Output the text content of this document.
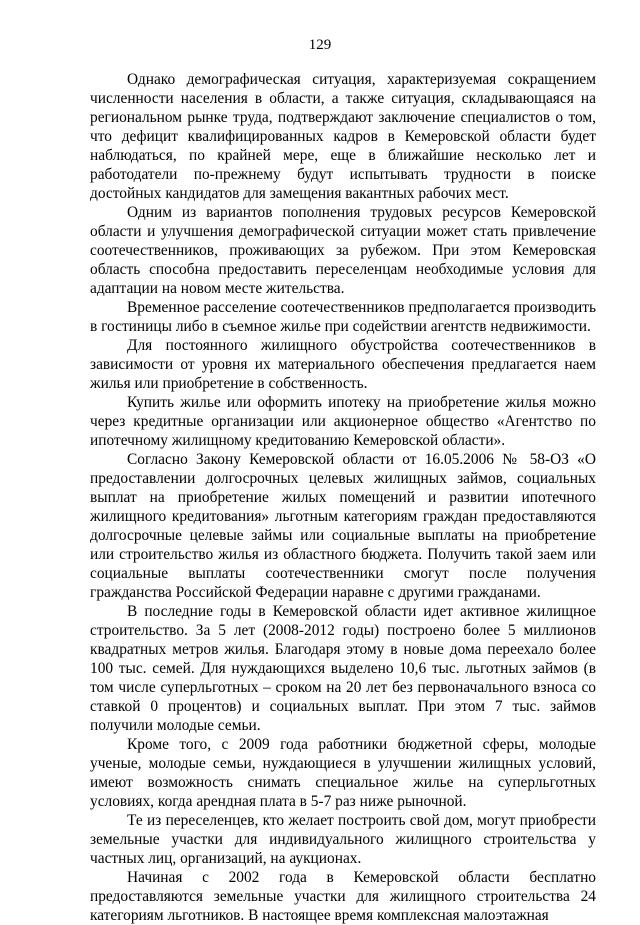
129

Однако демографическая ситуация, характеризуемая сокращением численности населения в области, а также ситуация, складывающаяся на региональном рынке труда, подтверждают заключение специалистов о том, что дефицит квалифицированных кадров в Кемеровской области будет наблюдаться, по крайней мере, еще в ближайшие несколько лет и работодатели по-прежнему будут испытывать трудности в поиске достойных кандидатов для замещения вакантных рабочих мест.

Одним из вариантов пополнения трудовых ресурсов Кемеровской области и улучшения демографической ситуации может стать привлечение соотечественников, проживающих за рубежом. При этом Кемеровская область способна предоставить переселенцам необходимые условия для адаптации на новом месте жительства.

Временное расселение соотечественников предполагается производить в гостиницы либо в съемное жилье при содействии агентств недвижимости.

Для постоянного жилищного обустройства соотечественников в зависимости от уровня их материального обеспечения предлагается наем жилья или приобретение в собственность.

Купить жилье или оформить ипотеку на приобретение жилья можно через кредитные организации или акционерное общество «Агентство по ипотечному жилищному кредитованию Кемеровской области».

Согласно Закону Кемеровской области от 16.05.2006 № 58-ОЗ «О предоставлении долгосрочных целевых жилищных займов, социальных выплат на приобретение жилых помещений и развитии ипотечного жилищного кредитования» льготным категориям граждан предоставляются долгосрочные целевые займы или социальные выплаты на приобретение или строительство жилья из областного бюджета. Получить такой заем или социальные выплаты соотечественники смогут после получения гражданства Российской Федерации наравне с другими гражданами.

В последние годы в Кемеровской области идет активное жилищное строительство. За 5 лет (2008-2012 годы) построено более 5 миллионов квадратных метров жилья. Благодаря этому в новые дома переехало более 100 тыс. семей. Для нуждающихся выделено 10,6 тыс. льготных займов (в том числе суперльготных – сроком на 20 лет без первоначального взноса со ставкой 0 процентов) и социальных выплат. При этом 7 тыс. займов получили молодые семьи.

Кроме того, с 2009 года работники бюджетной сферы, молодые ученые, молодые семьи, нуждающиеся в улучшении жилищных условий, имеют возможность снимать специальное жилье на суперльготных условиях, когда арендная плата в 5-7 раз ниже рыночной.

Те из переселенцев, кто желает построить свой дом, могут приобрести земельные участки для индивидуального жилищного строительства у частных лиц, организаций, на аукционах.

Начиная с 2002 года в Кемеровской области бесплатно предоставляются земельные участки для жилищного строительства 24 категориям льготников. В настоящее время комплексная малоэтажная
